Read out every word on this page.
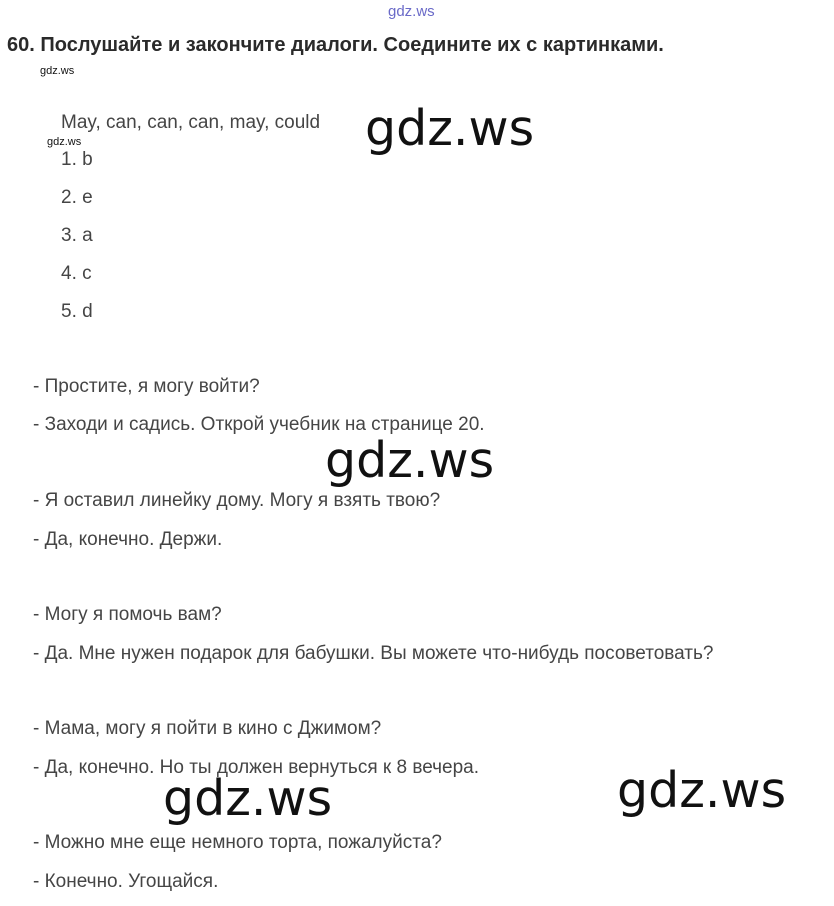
gdz.ws
60. Послушайте и закончите диалоги. Соедините их с картинками.
gdz.ws
May, can, can, can, may, could
gdz.ws	gdz.ws
1. b
2. e
3. a
4. c
5. d
- Простите, я могу войти?
- Заходи и садись. Открой учебник на странице 20.
gdz.ws
- Я оставил линейку дому. Могу я взять твою?
- Да, конечно. Держи.
- Могу я помочь вам?
- Да. Мне нужен подарок для бабушки. Вы можете что-нибудь посоветовать?
- Мама, могу я пойти в кино с Джимом?
- Да, конечно. Но ты должен вернуться к 8 вечера.
gdz.ws	gdz.ws
- Можно мне еще немного торта, пожалуйста?
- Конечно. Угощайся.
